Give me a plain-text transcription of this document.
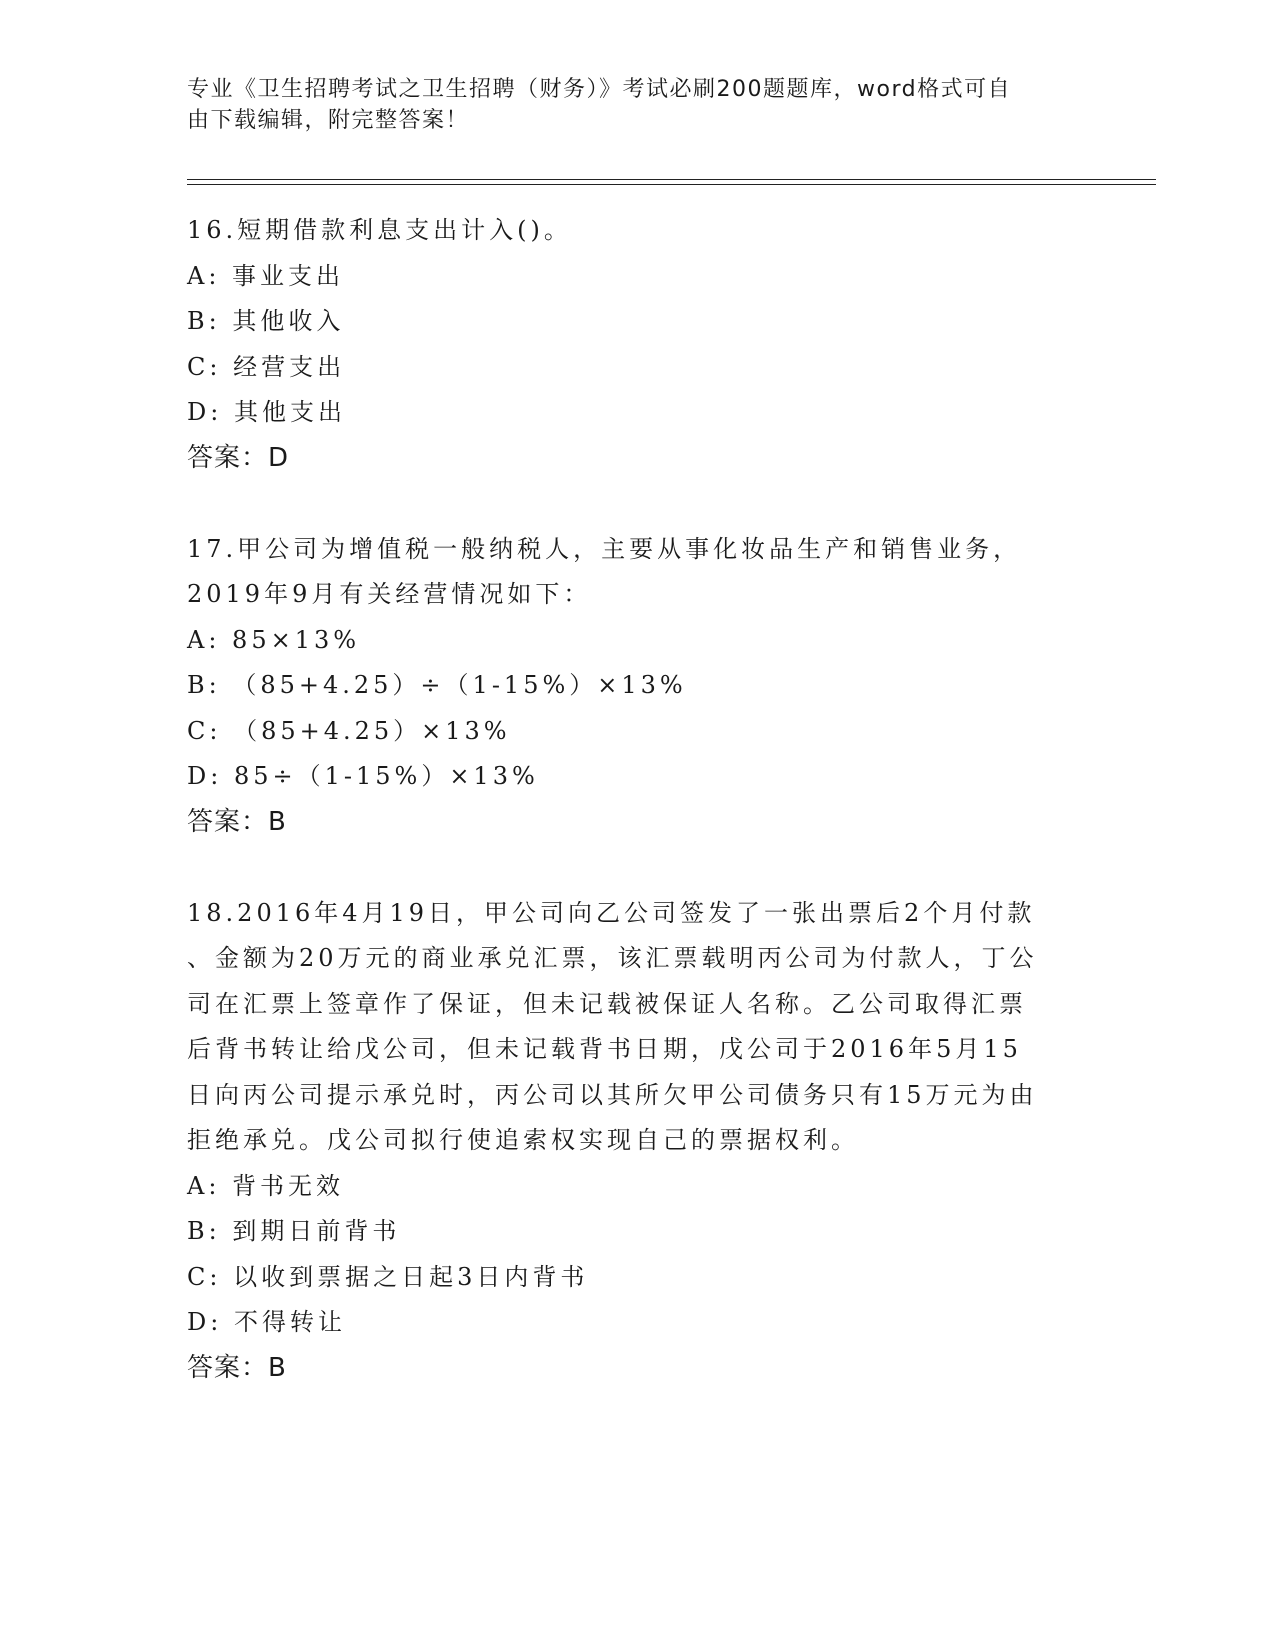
专业《卫生招聘考试之卫生招聘（财务）》考试必刷200题题库，word格式可自
由下载编辑，附完整答案！
16.短期借款利息支出计入()。
A: 事业支出
B: 其他收入
C: 经营支出
D: 其他支出
答案：D
17.甲公司为增值税一般纳税人，主要从事化妆品生产和销售业务，
2019年9月有关经营情况如下：
A: 85×13%
B: （85+4.25）÷（1-15%）×13%
C: （85+4.25）×13%
D: 85÷（1-15%）×13%
答案：B
18.2016年4月19日，甲公司向乙公司签发了一张出票后2个月付款
、金额为20万元的商业承兑汇票，该汇票载明丙公司为付款人，丁公
司在汇票上签章作了保证，但未记载被保证人名称。乙公司取得汇票
后背书转让给戊公司，但未记载背书日期，戊公司于2016年5月15
日向丙公司提示承兑时，丙公司以其所欠甲公司债务只有15万元为由
拒绝承兑。戊公司拟行使追索权实现自己的票据权利。
A: 背书无效
B: 到期日前背书
C: 以收到票据之日起3日内背书
D: 不得转让
答案：B
